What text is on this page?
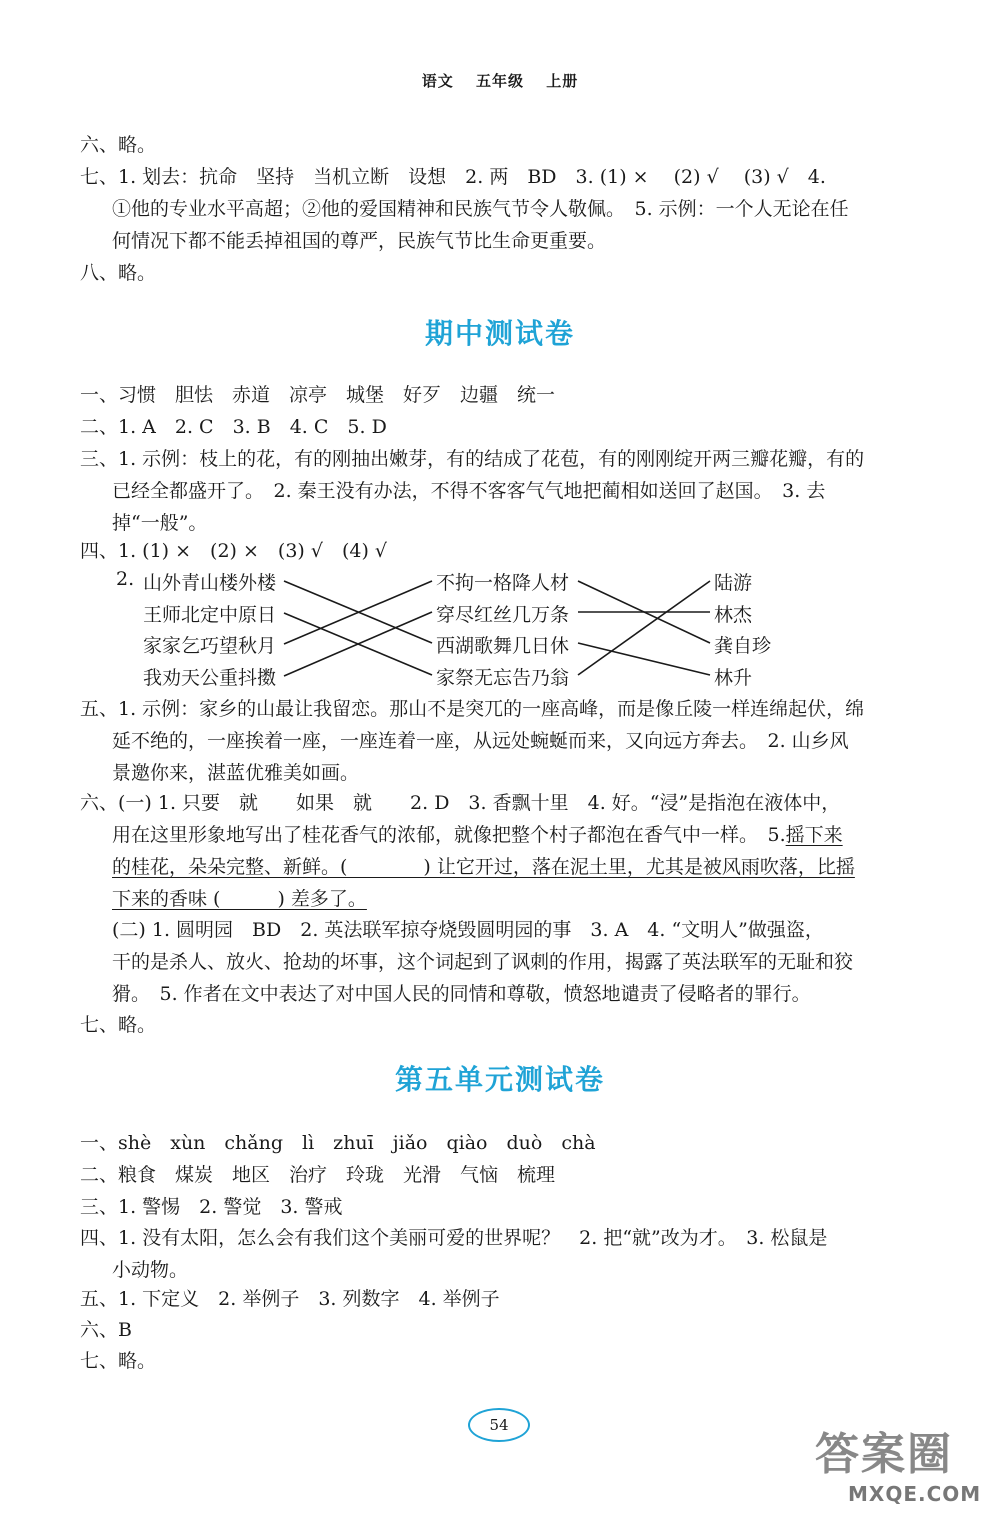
语文 五年级 上册
六、略。
七、1. 划去：抗命　坚持　当机立断　设想　2. 两　BD　3. (1) ×　 (2) √　 (3) √　4.
①他的专业水平高超；②他的爱国精神和民族气节令人敬佩。　5. 示例：一个人无论在任
何情况下都不能丢掉祖国的尊严，民族气节比生命更重要。
八、略。
期中测试卷
一、习惯　胆怯　赤道　凉亭　城堡　好歹　边疆　统一
二、1. A　2. C　3. B　4. C　5. D
三、1. 示例：枝上的花，有的刚抽出嫩芽，有的结成了花苞，有的刚刚绽开两三瓣花瓣，有的
已经全都盛开了。　2. 秦王没有办法，不得不客客气气地把蔺相如送回了赵国。　3. 去
掉“一般”。
四、1. (1) ×　(2) ×　(3) √　(4) √
2. 山外青山楼外楼
王师北定中原日
家家乞巧望秋月
我劝天公重抖擞
不拘一格降人材
穿尽红丝几万条
西湖歌舞几日休
家祭无忘告乃翁
陆游
林杰
龚自珍
林升
五、1. 示例：家乡的山最让我留恋。那山不是突兀的一座高峰，而是像丘陵一样连绵起伏，绵
延不绝的，一座挨着一座，一座连着一座，从远处蜿蜒而来，又向远方奔去。　2. 山乡风
景邀你来，湛蓝优雅美如画。
六、(一) 1. 只要　就　　如果　就　　2. D　3. 香飘十里　4. 好。“浸”是指泡在液体中，
用在这里形象地写出了桂花香气的浓郁，就像把整个村子都泡在香气中一样。　5.摇下来
的桂花，朵朵完整、新鲜。(　　　　) 让它开过，落在泥土里，尤其是被风雨吹落，比摇
下来的香味 (　　　) 差多了。
(二) 1. 圆明园　BD　2. 英法联军掠夺烧毁圆明园的事　3. A　4. “文明人”做强盗，
干的是杀人、放火、抢劫的坏事，这个词起到了讽刺的作用，揭露了英法联军的无耻和狡
猾。　5. 作者在文中表达了对中国人民的同情和尊敬，愤怒地谴责了侵略者的罪行。
七、略。
第五单元测试卷
一、shè　xùn　chǎng　lì　zhuī　jiǎo　qiào　duò　chà
二、粮食　煤炭　地区　治疗　玲珑　光滑　气恼　梳理
三、1. 警惕　2. 警觉　3. 警戒
四、1. 没有太阳，怎么会有我们这个美丽可爱的世界呢？　2. 把“就”改为才。　3. 松鼠是
小动物。
五、1. 下定义　2. 举例子　3. 列数字　4. 举例子
六、B
七、略。
54
答案圈
MXQE.COM
